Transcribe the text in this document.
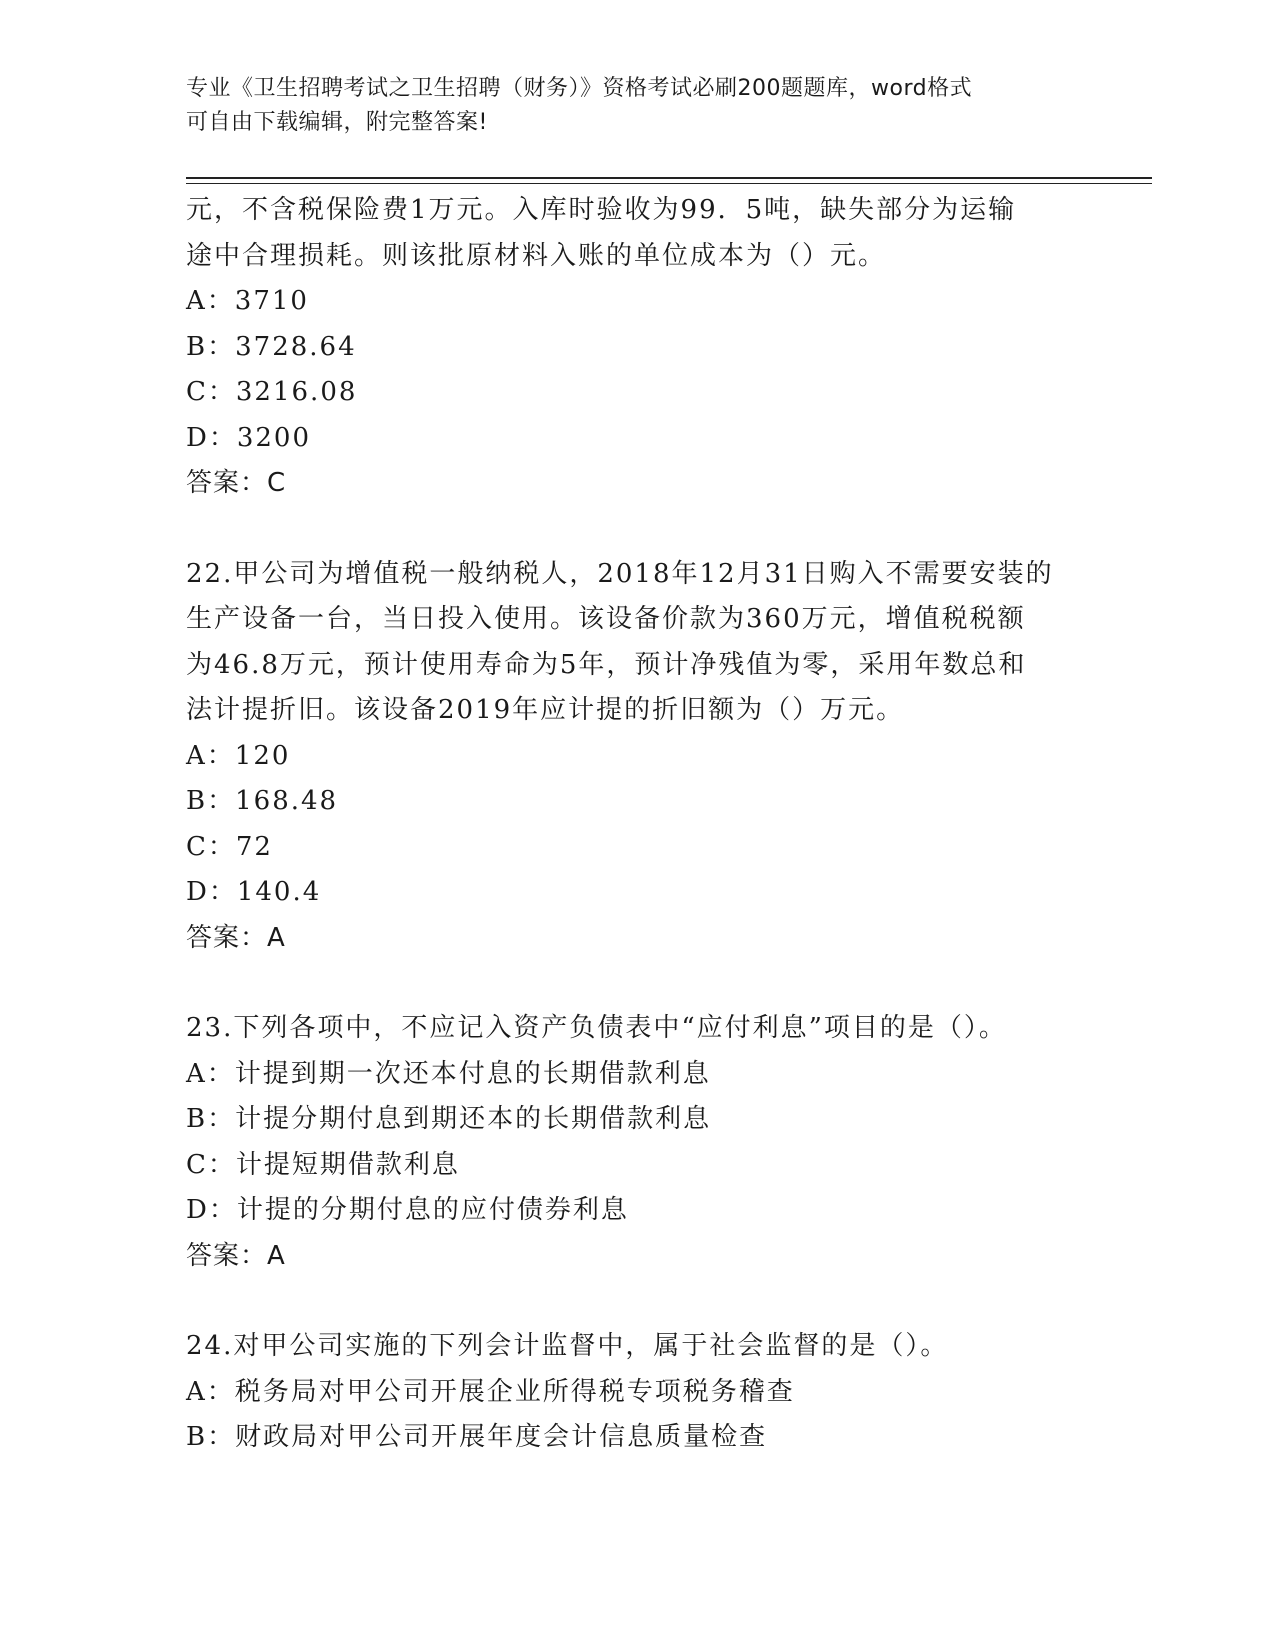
专业《卫生招聘考试之卫生招聘（财务）》资格考试必刷200题题库，word格式
可自由下载编辑，附完整答案!

元，不含税保险费1万元。入库时验收为99．5吨，缺失部分为运输

途中合理损耗。则该批原材料入账的单位成本为（）元。

A：3710

B：3728.64

C：3216.08

D：3200

答案：C

22.甲公司为增值税一般纳税人，2018年12月31日购入不需要安装的

生产设备一台，当日投入使用。该设备价款为360万元，增值税税额

为46.8万元，预计使用寿命为5年，预计净残值为零，采用年数总和

法计提折旧。该设备2019年应计提的折旧额为（）万元。

A：120

B：168.48

C：72

D：140.4

答案：A

23.下列各项中，不应记入资产负债表中“应付利息”项目的是（）。

A：计提到期一次还本付息的长期借款利息

B：计提分期付息到期还本的长期借款利息

C：计提短期借款利息

D：计提的分期付息的应付债券利息

答案：A

24.对甲公司实施的下列会计监督中，属于社会监督的是（）。

A：税务局对甲公司开展企业所得税专项税务稽查

B：财政局对甲公司开展年度会计信息质量检查
